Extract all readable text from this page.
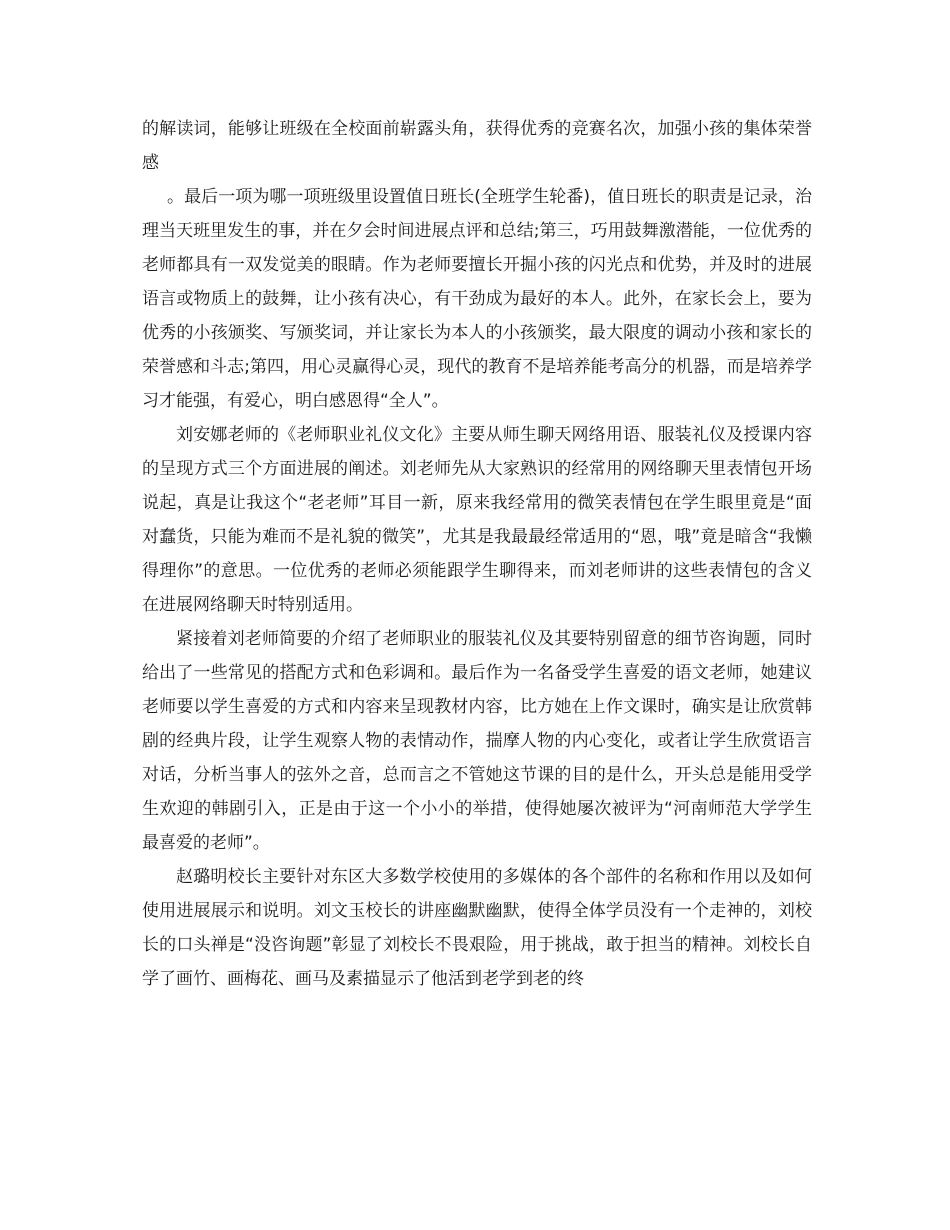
的解读词，能够让班级在全校面前崭露头角，获得优秀的竞赛名次，加强小孩的集体荣誉感

。最后一项为哪一项班级里设置值日班长(全班学生轮番)，值日班长的职责是记录，治理当天班里发生的事，并在夕会时间进展点评和总结;第三，巧用鼓舞激潜能，一位优秀的老师都具有一双发觉美的眼睛。作为老师要擅长开掘小孩的闪光点和优势，并及时的进展语言或物质上的鼓舞，让小孩有决心，有干劲成为最好的本人。此外，在家长会上，要为优秀的小孩颁奖、写颁奖词，并让家长为本人的小孩颁奖，最大限度的调动小孩和家长的荣誉感和斗志;第四，用心灵赢得心灵，现代的教育不是培养能考高分的机器，而是培养学习才能强，有爱心，明白感恩得“全人”。

刘安娜老师的《老师职业礼仪文化》主要从师生聊天网络用语、服装礼仪及授课内容的呈现方式三个方面进展的阐述。刘老师先从大家熟识的经常用的网络聊天里表情包开场说起，真是让我这个“老老师”耳目一新，原来我经常用的微笑表情包在学生眼里竟是“面对蠢货，只能为难而不是礼貌的微笑”，尤其是我最最经常适用的“恩，哦”竟是暗含“我懒得理你”的意思。一位优秀的老师必须能跟学生聊得来，而刘老师讲的这些表情包的含义在进展网络聊天时特别适用。

紧接着刘老师简要的介绍了老师职业的服装礼仪及其要特别留意的细节咨询题，同时给出了一些常见的搭配方式和色彩调和。最后作为一名备受学生喜爱的语文老师，她建议老师要以学生喜爱的方式和内容来呈现教材内容，比方她在上作文课时，确实是让欣赏韩剧的经典片段，让学生观察人物的表情动作，揣摩人物的内心变化，或者让学生欣赏语言对话，分析当事人的弦外之音，总而言之不管她这节课的目的是什么，开头总是能用受学生欢迎的韩剧引入，正是由于这一个小小的举措，使得她屡次被评为“河南师范大学学生最喜爱的老师”。

赵璐明校长主要针对东区大多数学校使用的多媒体的各个部件的名称和作用以及如何使用进展展示和说明。刘文玉校长的讲座幽默幽默，使得全体学员没有一个走神的，刘校长的口头禅是“没咨询题”彰显了刘校长不畏艰险，用于挑战，敢于担当的精神。刘校长自学了画竹、画梅花、画马及素描显示了他活到老学到老的终
